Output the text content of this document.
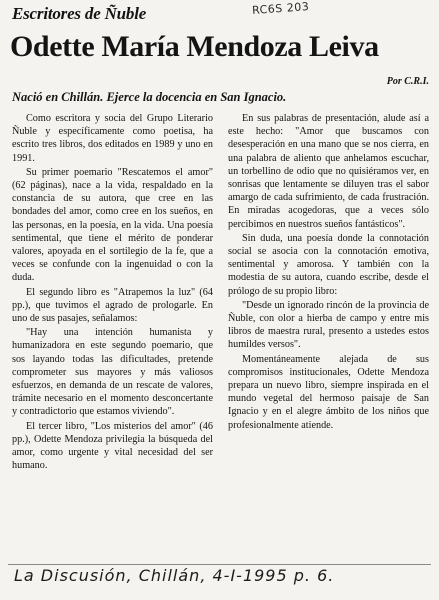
Escritores de Ñuble	RC6S 203
Odette María Mendoza Leiva
Por C.R.I.
Nació en Chillán. Ejerce la docencia en San Ignacio.

Como escritora y socia del Grupo Literario Ñuble y específicamente como poetisa, ha escrito tres libros, dos editados en 1989 y uno en 1991.

Su primer poemario "Rescatemos el amor" (62 páginas), nace a la vida, respaldado en la constancia de su autora, que cree en las bondades del amor, como cree en los sueños, en las personas, en la poesía, en la vida. Una poesía sentimental, que tiene el mérito de ponderar valores, apoyada en el sortilegio de la fe, que a veces se confunde con la ingenuidad o con la duda.

El segundo libro es "Atrapemos la luz" (64 pp.), que tuvimos el agrado de prologarle. En uno de sus pasajes, señalamos:

"Hay una intención humanista y humanizadora en este segundo poemario, que sos layando todas las dificultades, pretende comprometer sus mayores y más valiosos esfuerzos, en demanda de un rescate de valores, trámite necesario en el momento desconcertante y contradictorio que estamos viviendo".

El tercer libro, "Los misterios del amor" (46 pp.), Odette Mendoza privilegia la búsqueda del amor, como urgente y vital necesidad del ser humano.

En sus palabras de presentación, alude así a este hecho: "Amor que buscamos con desesperación en una mano que se nos cierra, en una palabra de aliento que anhelamos escuchar, un torbellino de odio que no quisiéramos ver, en sonrisas que lentamente se diluyen tras el sabor amargo de cada sufrimiento, de cada frustración. En miradas acogedoras, que a veces sólo percibimos en nuestros sueños fantásticos".

Sin duda, una poesía donde la connotación social se asocia con la connotación emotiva, sentimental y amorosa. Y también con la modestia de su autora, cuando escribe, desde el prólogo de su propio libro:

"Desde un ignorado rincón de la provincia de Ñuble, con olor a hierba de campo y entre mis libros de maestra rural, presento a ustedes estos humildes versos".

Momentáneamente alejada de sus compromisos institucionales, Odette Mendoza prepara un nuevo libro, siempre inspirada en el mundo vegetal del hermoso paisaje de San Ignacio y en el alegre ámbito de los niños que profesionalmente atiende.

La Discusión, Chillán, 4-I-1995 p. 6.
